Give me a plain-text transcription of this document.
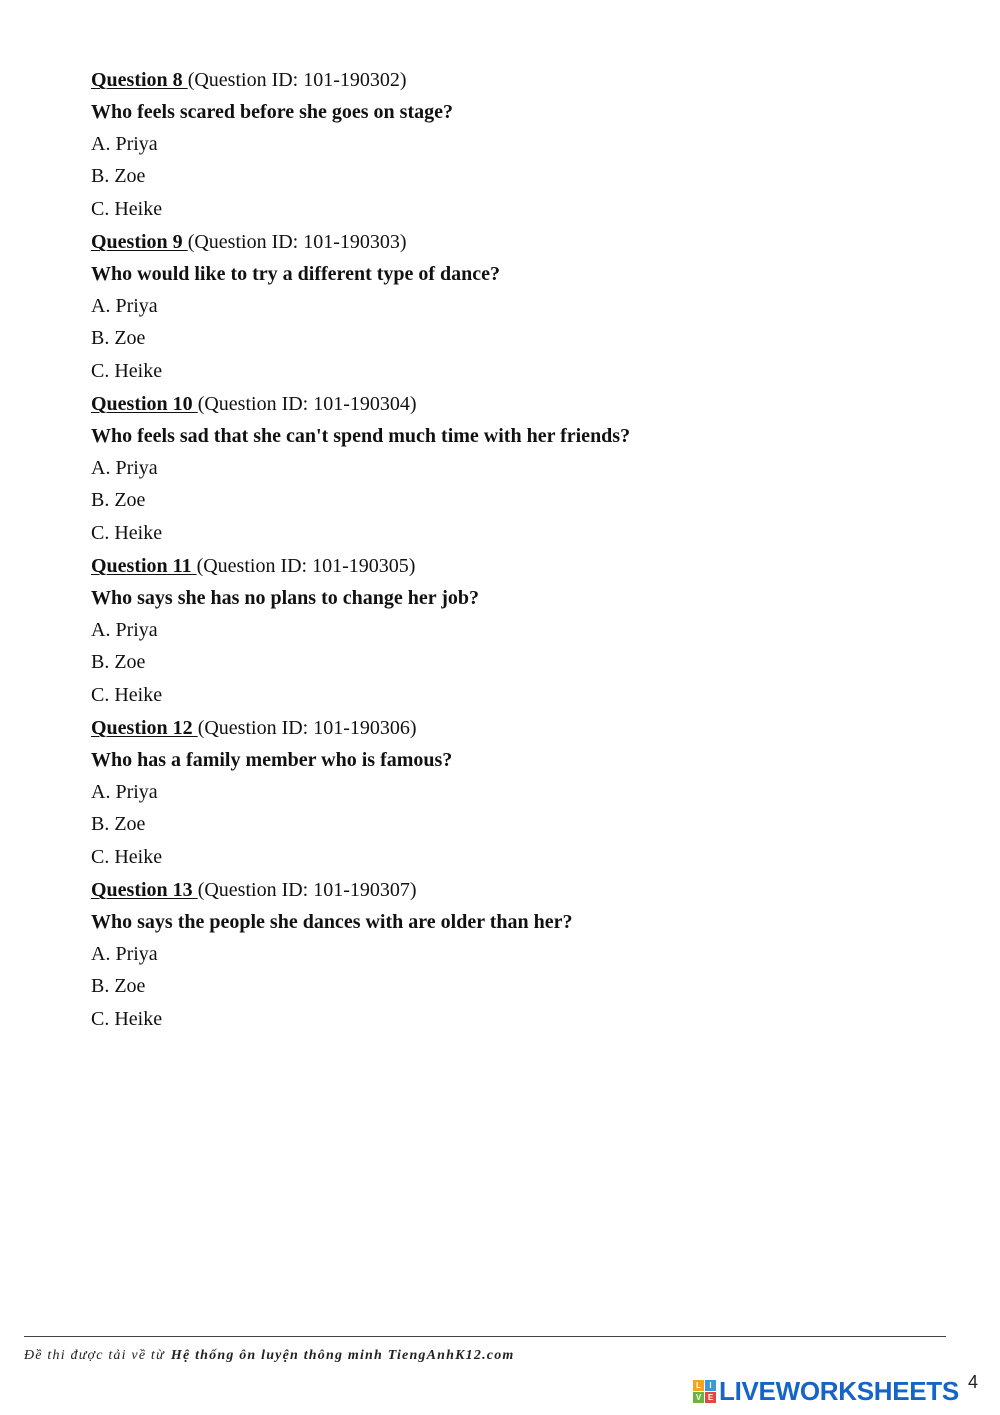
Question 8 (Question ID: 101-190302)
Who feels scared before she goes on stage?
A. Priya
B. Zoe
C. Heike
Question 9 (Question ID: 101-190303)
Who would like to try a different type of dance?
A. Priya
B. Zoe
C. Heike
Question 10 (Question ID: 101-190304)
Who feels sad that she can't spend much time with her friends?
A. Priya
B. Zoe
C. Heike
Question 11 (Question ID: 101-190305)
Who says she has no plans to change her job?
A. Priya
B. Zoe
C. Heike
Question 12 (Question ID: 101-190306)
Who has a family member who is famous?
A. Priya
B. Zoe
C. Heike
Question 13 (Question ID: 101-190307)
Who says the people she dances with are older than her?
A. Priya
B. Zoe
C. Heike
Đề thi được tải về từ Hệ thống ôn luyện thông minh TiengAnhK12.com
L	I
V E LIVEWORKSHEETS 4
